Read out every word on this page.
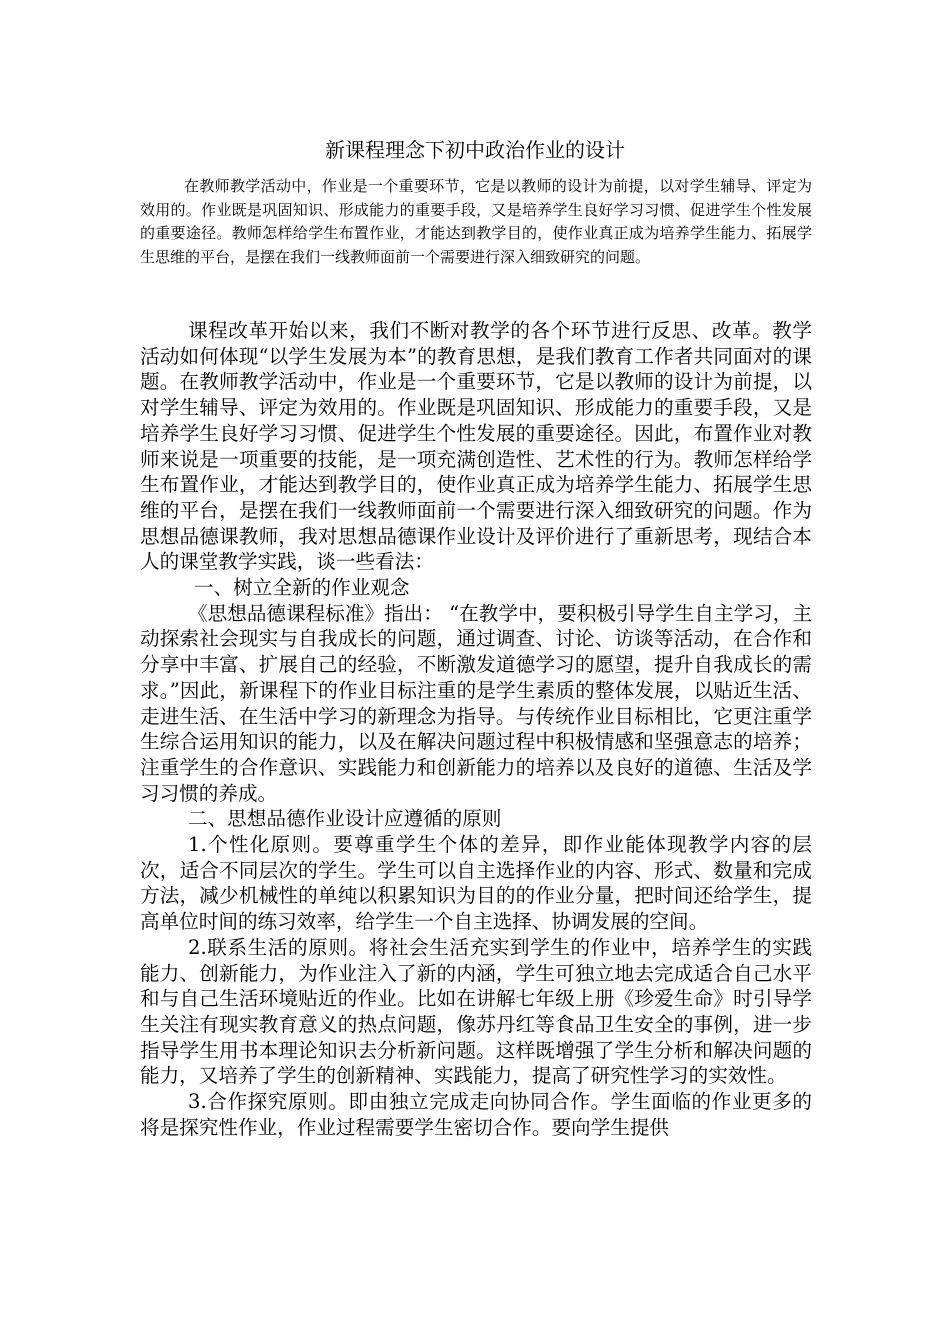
新课程理念下初中政治作业的设计

在教师教学活动中，作业是一个重要环节，它是以教师的设计为前提，以对学生辅导、评定为效用的。作业既是巩固知识、形成能力的重要手段，又是培养学生良好学习习惯、促进学生个性发展的重要途径。教师怎样给学生布置作业，才能达到教学目的，使作业真正成为培养学生能力、拓展学生思维的平台，是摆在我们一线教师面前一个需要进行深入细致研究的问题。

课程改革开始以来，我们不断对教学的各个环节进行反思、改革。教学活动如何体现“以学生发展为本”的教育思想，是我们教育工作者共同面对的课题。在教师教学活动中，作业是一个重要环节，它是以教师的设计为前提，以对学生辅导、评定为效用的。作业既是巩固知识、形成能力的重要手段，又是培养学生良好学习习惯、促进学生个性发展的重要途径。因此，布置作业对教师来说是一项重要的技能，是一项充满创造性、艺术性的行为。教师怎样给学生布置作业，才能达到教学目的，使作业真正成为培养学生能力、拓展学生思维的平台，是摆在我们一线教师面前一个需要进行深入细致研究的问题。作为思想品德课教师，我对思想品德课作业设计及评价进行了重新思考，现结合本人的课堂教学实践，谈一些看法：

一、树立全新的作业观念

《思想品德课程标准》指出： “在教学中，要积极引导学生自主学习，主动探索社会现实与自我成长的问题，通过调查、讨论、访谈等活动，在合作和分享中丰富、扩展自己的经验，不断激发道德学习的愿望，提升自我成长的需求。”因此，新课程下的作业目标注重的是学生素质的整体发展，以贴近生活、走进生活、在生活中学习的新理念为指导。与传统作业目标相比，它更注重学生综合运用知识的能力，以及在解决问题过程中积极情感和坚强意志的培养；注重学生的合作意识、实践能力和创新能力的培养以及良好的道德、生活及学习习惯的养成。

二、思想品德作业设计应遵循的原则

1.个性化原则。要尊重学生个体的差异，即作业能体现教学内容的层次，适合不同层次的学生。学生可以自主选择作业的内容、形式、数量和完成方法，减少机械性的单纯以积累知识为目的的作业分量，把时间还给学生，提高单位时间的练习效率，给学生一个自主选择、协调发展的空间。

2.联系生活的原则。将社会生活充实到学生的作业中，培养学生的实践能力、创新能力，为作业注入了新的内涵，学生可独立地去完成适合自己水平和与自己生活环境贴近的作业。比如在讲解七年级上册《珍爱生命》时引导学生关注有现实教育意义的热点问题，像苏丹红等食品卫生安全的事例，进一步指导学生用书本理论知识去分析新问题。这样既增强了学生分析和解决问题的能力，又培养了学生的创新精神、实践能力，提高了研究性学习的实效性。

3.合作探究原则。即由独立完成走向协同合作。学生面临的作业更多的将是探究性作业，作业过程需要学生密切合作。要向学生提供
